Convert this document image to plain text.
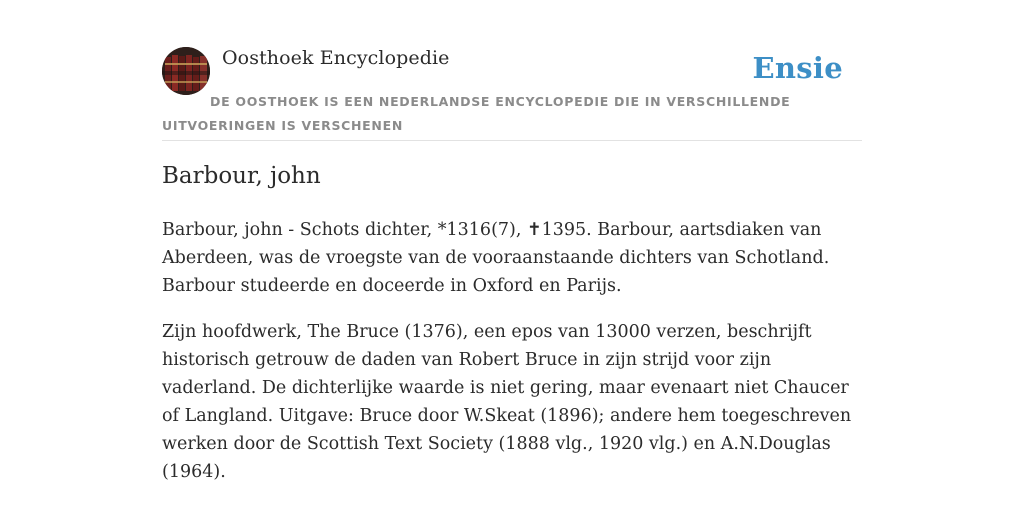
Oosthoek Encyclopedie	Ensie
DE OOSTHOEK IS EEN NEDERLANDSE ENCYCLOPEDIE DIE IN VERSCHILLENDE UITVOERINGEN IS VERSCHENEN
Barbour, john

Barbour, john - Schots dichter, *1316(7), ✝1395. Barbour, aartsdiaken van Aberdeen, was de vroegste van de vooraanstaande dichters van Schotland. Barbour studeerde en doceerde in Oxford en Parijs.

Zijn hoofdwerk, The Bruce (1376), een epos van 13000 verzen, beschrijft historisch getrouw de daden van Robert Bruce in zijn strijd voor zijn vaderland. De dichterlijke waarde is niet gering, maar evenaart niet Chaucer of Langland. Uitgave: Bruce door W.Skeat (1896); andere hem toegeschreven werken door de Scottish Text Society (1888 vlg., 1920 vlg.) en A.N.Douglas (1964).
